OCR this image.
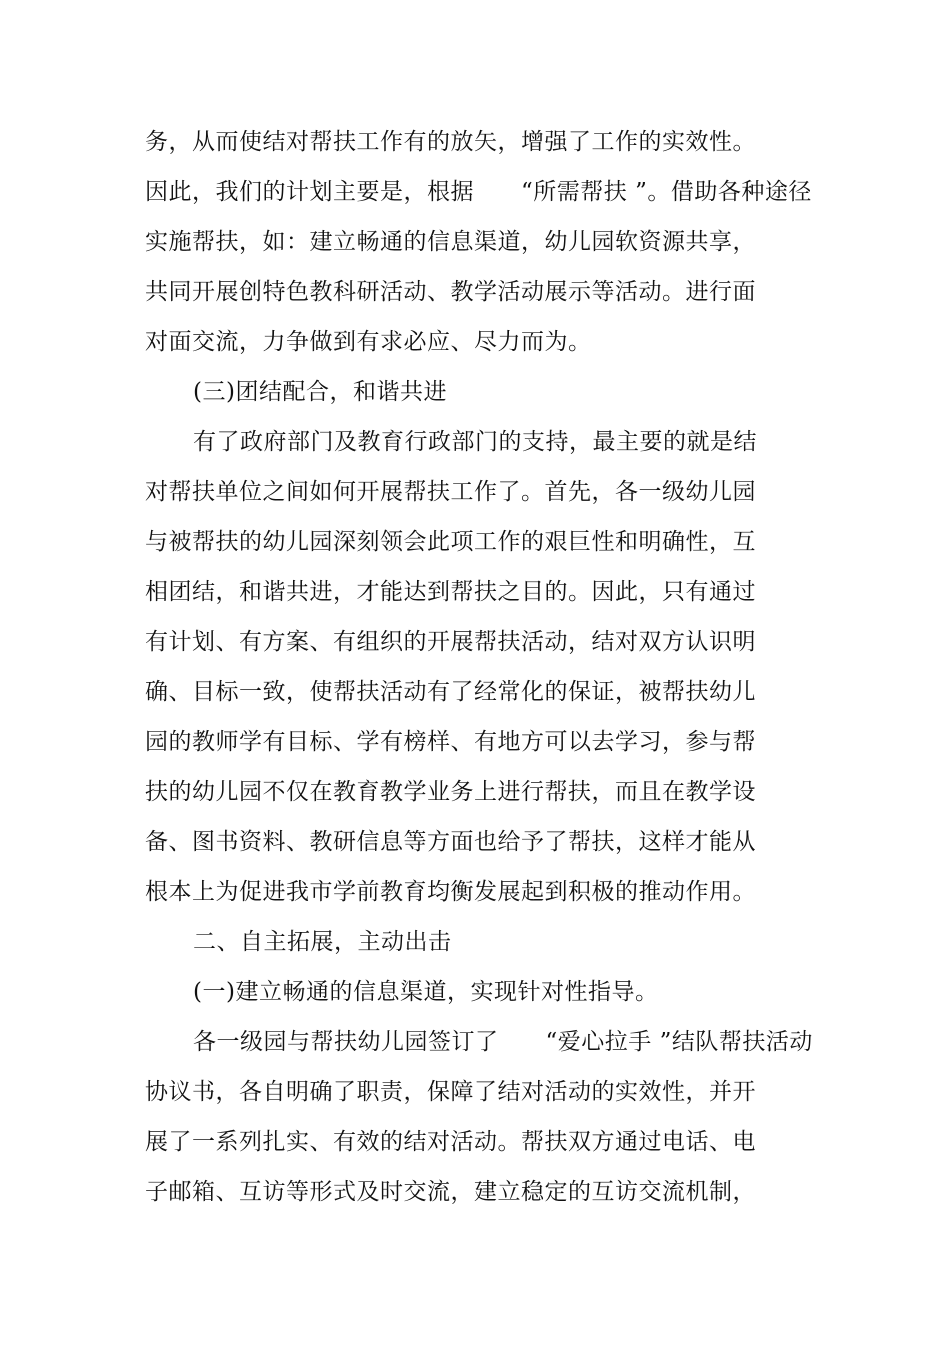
务，从而使结对帮扶工作有的放矢，增强了工作的实效性。
因此，我们的计划主要是，根据　　“所需帮扶 ”。借助各种途径
实施帮扶，如：建立畅通的信息渠道，幼儿园软资源共享，
共同开展创特色教科研活动、教学活动展示等活动。进行面
对面交流，力争做到有求必应、尽力而为。
(三)团结配合，和谐共进
有了政府部门及教育行政部门的支持，最主要的就是结
对帮扶单位之间如何开展帮扶工作了。首先，各一级幼儿园
与被帮扶的幼儿园深刻领会此项工作的艰巨性和明确性，互
相团结，和谐共进，才能达到帮扶之目的。因此，只有通过
有计划、有方案、有组织的开展帮扶活动，结对双方认识明
确、目标一致，使帮扶活动有了经常化的保证，被帮扶幼儿
园的教师学有目标、学有榜样、有地方可以去学习，参与帮
扶的幼儿园不仅在教育教学业务上进行帮扶，而且在教学设
备、图书资料、教研信息等方面也给予了帮扶，这样才能从
根本上为促进我市学前教育均衡发展起到积极的推动作用。
二、自主拓展，主动出击
(一)建立畅通的信息渠道，实现针对性指导。
各一级园与帮扶幼儿园签订了　　“爱心拉手 ”结队帮扶活动
协议书，各自明确了职责，保障了结对活动的实效性，并开
展了一系列扎实、有效的结对活动。帮扶双方通过电话、电
子邮箱、互访等形式及时交流，建立稳定的互访交流机制，
